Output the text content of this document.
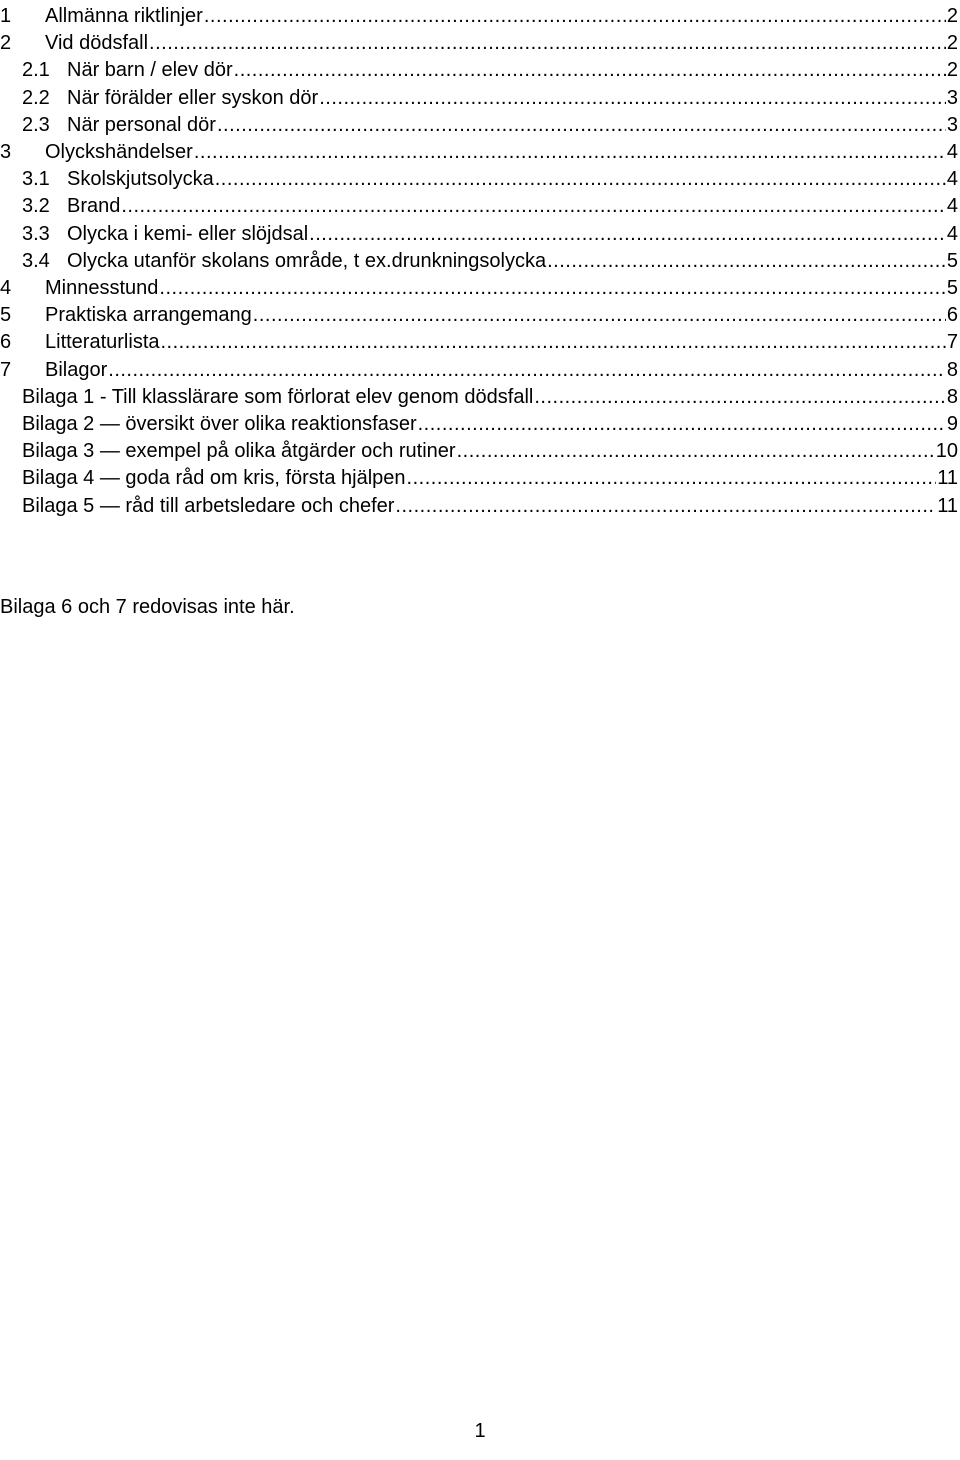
1	Allmänna riktlinjer .....	2
2	Vid dödsfall .....	2
2.1 När barn / elev dör .....	2
2.2 När förälder eller syskon dör .....	3
2.3 När personal dör .....	3
3	Olyckshändelser .....	4
3.1 Skolskjutsolycka .....	4
3.2 Brand .....	4
3.3 Olycka i kemi- eller slöjdsal .....	4
3.4 Olycka utanför skolans område, t ex.drunkningsolycka .....	5
4	Minnesstund .....	5
5	Praktiska arrangemang .....	6
6	Litteraturlista .....	7
7	Bilagor .....	8
Bilaga 1 - Till klasslärare som förlorat elev genom dödsfall .....	8
Bilaga 2 — översikt över olika reaktionsfaser .....	9
Bilaga 3 — exempel på olika åtgärder och rutiner .....	10
Bilaga 4 — goda råd om kris, första hjälpen .....	11
Bilaga 5 — råd till arbetsledare och chefer .....	11
Bilaga 6 och 7 redovisas inte här.
1
